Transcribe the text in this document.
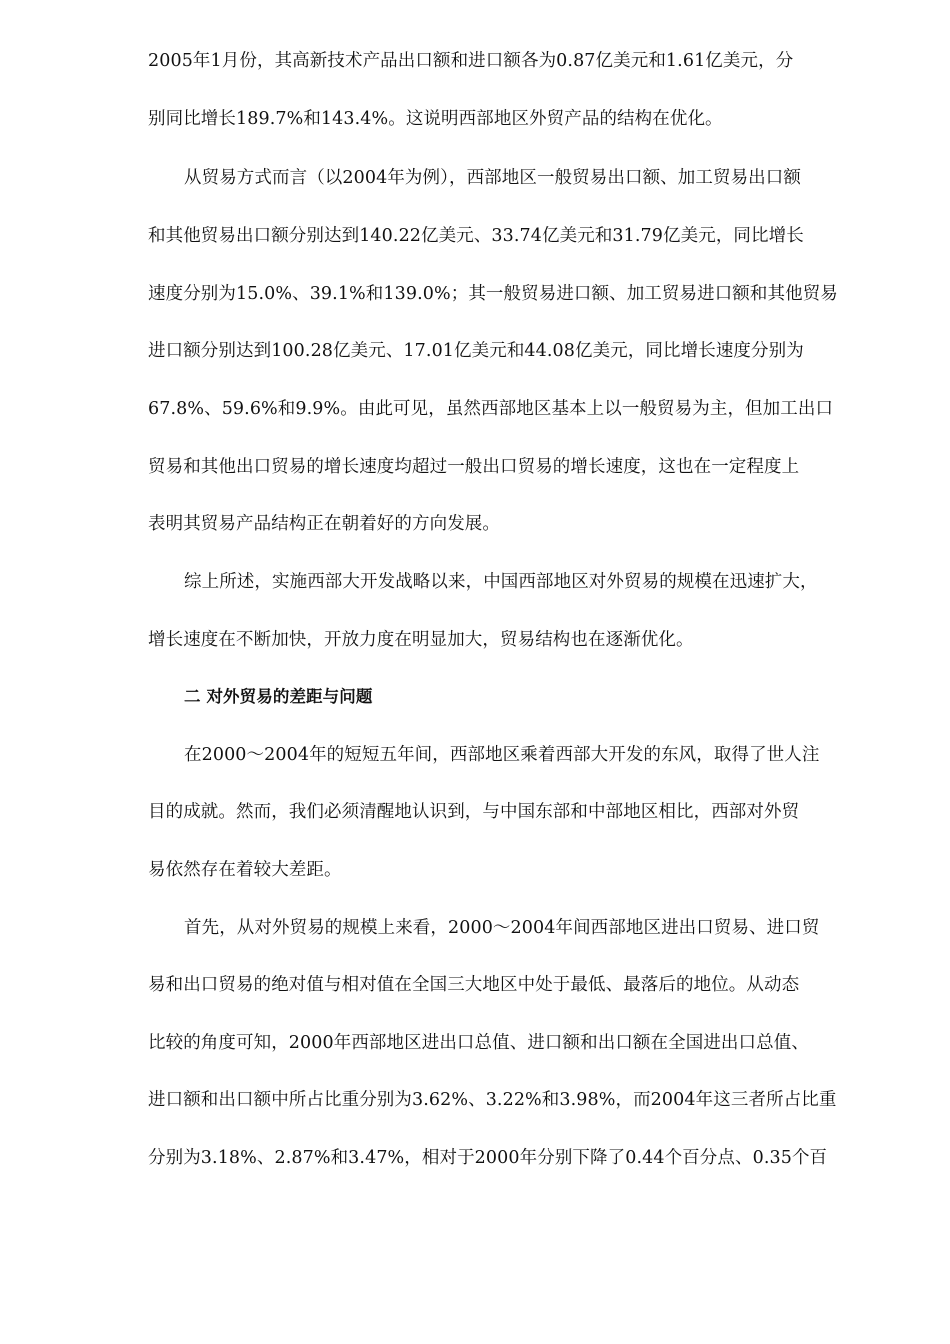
2005年1月份，其高新技术产品出口额和进口额各为0.87亿美元和1.61亿美元，分
别同比增长189.7%和143.4%。这说明西部地区外贸产品的结构在优化。
从贸易方式而言（以2004年为例），西部地区一般贸易出口额、加工贸易出口额
和其他贸易出口额分别达到140.22亿美元、33.74亿美元和31.79亿美元，同比增长
速度分别为15.0%、39.1%和139.0%；其一般贸易进口额、加工贸易进口额和其他贸易
进口额分别达到100.28亿美元、17.01亿美元和44.08亿美元，同比增长速度分别为
67.8%、59.6%和9.9%。由此可见，虽然西部地区基本上以一般贸易为主，但加工出口
贸易和其他出口贸易的增长速度均超过一般出口贸易的增长速度，这也在一定程度上
表明其贸易产品结构正在朝着好的方向发展。
综上所述，实施西部大开发战略以来，中国西部地区对外贸易的规模在迅速扩大，
增长速度在不断加快，开放力度在明显加大，贸易结构也在逐渐优化。
二 对外贸易的差距与问题
在2000～2004年的短短五年间，西部地区乘着西部大开发的东风，取得了世人注
目的成就。然而，我们必须清醒地认识到，与中国东部和中部地区相比，西部对外贸
易依然存在着较大差距。
首先，从对外贸易的规模上来看，2000～2004年间西部地区进出口贸易、进口贸
易和出口贸易的绝对值与相对值在全国三大地区中处于最低、最落后的地位。从动态
比较的角度可知，2000年西部地区进出口总值、进口额和出口额在全国进出口总值、
进口额和出口额中所占比重分别为3.62%、3.22%和3.98%，而2004年这三者所占比重
分别为3.18%、2.87%和3.47%，相对于2000年分别下降了0.44个百分点、0.35个百
